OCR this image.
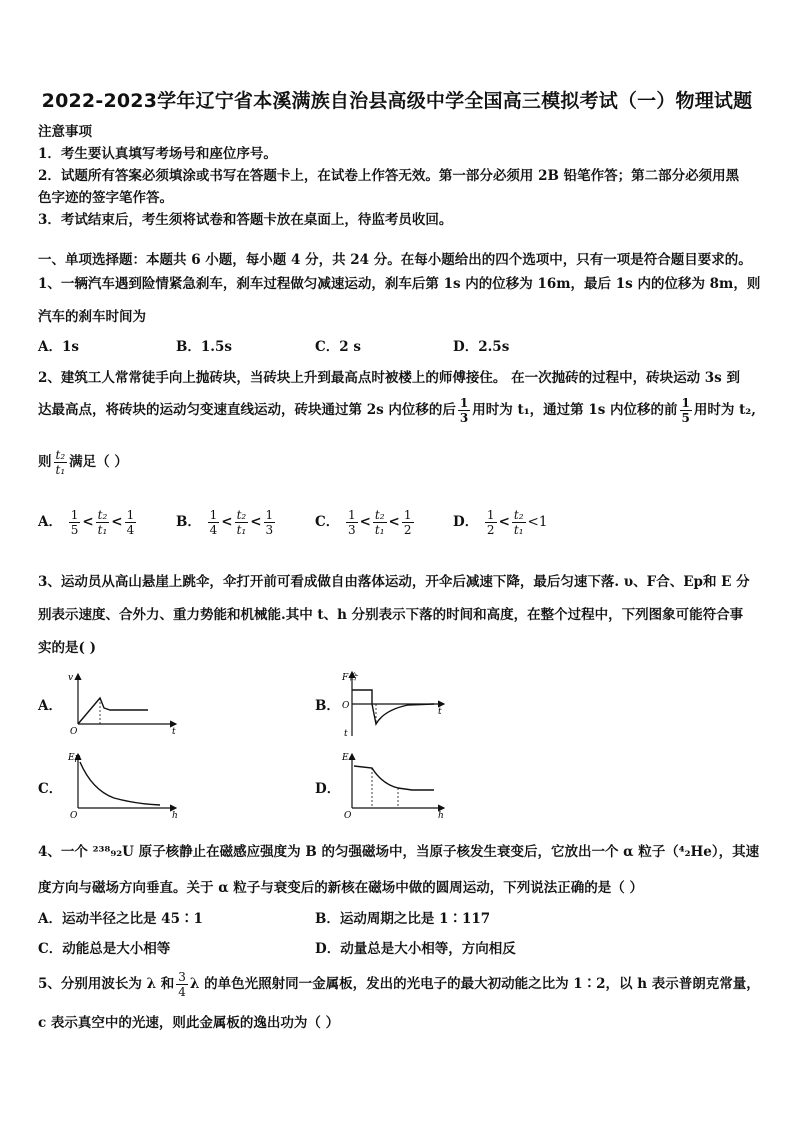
2022-2023学年辽宁省本溪满族自治县高级中学全国高三模拟考试（一）物理试题
注意事项
1．考生要认真填写考场号和座位序号。
2．试题所有答案必须填涂或书写在答题卡上，在试卷上作答无效。第一部分必须用 2B 铅笔作答；第二部分必须用黑
色字迹的签字笔作答。
3．考试结束后，考生须将试卷和答题卡放在桌面上，待监考员收回。
一、单项选择题：本题共 6 小题，每小题 4 分，共 24 分。在每小题给出的四个选项中，只有一项是符合题目要求的。
1、一辆汽车遇到险情紧急刹车，刹车过程做匀减速运动，刹车后第 1s 内的位移为 16m，最后 1s 内的位移为 8m，则
汽车的刹车时间为
A．1s	B．1.5s	C．2 s	D．2.5s
2、建筑工人常常徒手向上抛砖块，当砖块上升到最高点时被楼上的师傅接住。 在一次抛砖的过程中，砖块运动 3s 到
达最高点，将砖块的运动匀变速直线运动，砖块通过第 2s 内位移的后 $\frac{1}{3}$ 用时为 t₁，通过第 1s 内位移的前 $\frac{1}{5}$ 用时为 t₂,
则 $\frac{\text{t₂}}{\text{t₁}}$ 满足（ ）
A． $\frac{1}{5} < \frac{\text{t₂}}{\text{t₁}} < \frac{1}{4}$	B． $\frac{1}{4} < \frac{\text{t₂}}{\text{t₁}} < \frac{1}{3}$	C． $\frac{1}{3} < \frac{\text{t₂}}{\text{t₁}} < \frac{1}{2}$	D． $\frac{1}{2} < \frac{\text{t₂}}{\text{t₁}} <1$
3、运动员从高山悬崖上跳伞，伞打开前可看成做自由落体运动，开伞后减速下降，最后匀速下落. υ、F合、Ep和 E 分
别表示速度、合外力、重力势能和机械能.其中 t、h 分别表示下落的时间和高度，在整个过程中，下列图象可能符合事
实的是( )
A．	B．
C．	D．
v
O	t
F合
O
t
t
Ep
O	h
E
O	h
4、一个 ²³⁸₉₂U 原子核静止在磁感应强度为 B 的匀强磁场中，当原子核发生衰变后，它放出一个 α 粒子（⁴₂He），其速
度方向与磁场方向垂直。关于 α 粒子与衰变后的新核在磁场中做的圆周运动，下列说法正确的是（ ）
A．运动半径之比是 45∶1	B．运动周期之比是 1∶117
C．动能总是大小相等	D．动量总是大小相等，方向相反
5、分别用波长为 λ 和 $\frac{3}{4}$ λ 的单色光照射同一金属板，发出的光电子的最大初动能之比为 1∶2，以 h 表示普朗克常量，
c 表示真空中的光速，则此金属板的逸出功为（ ）
